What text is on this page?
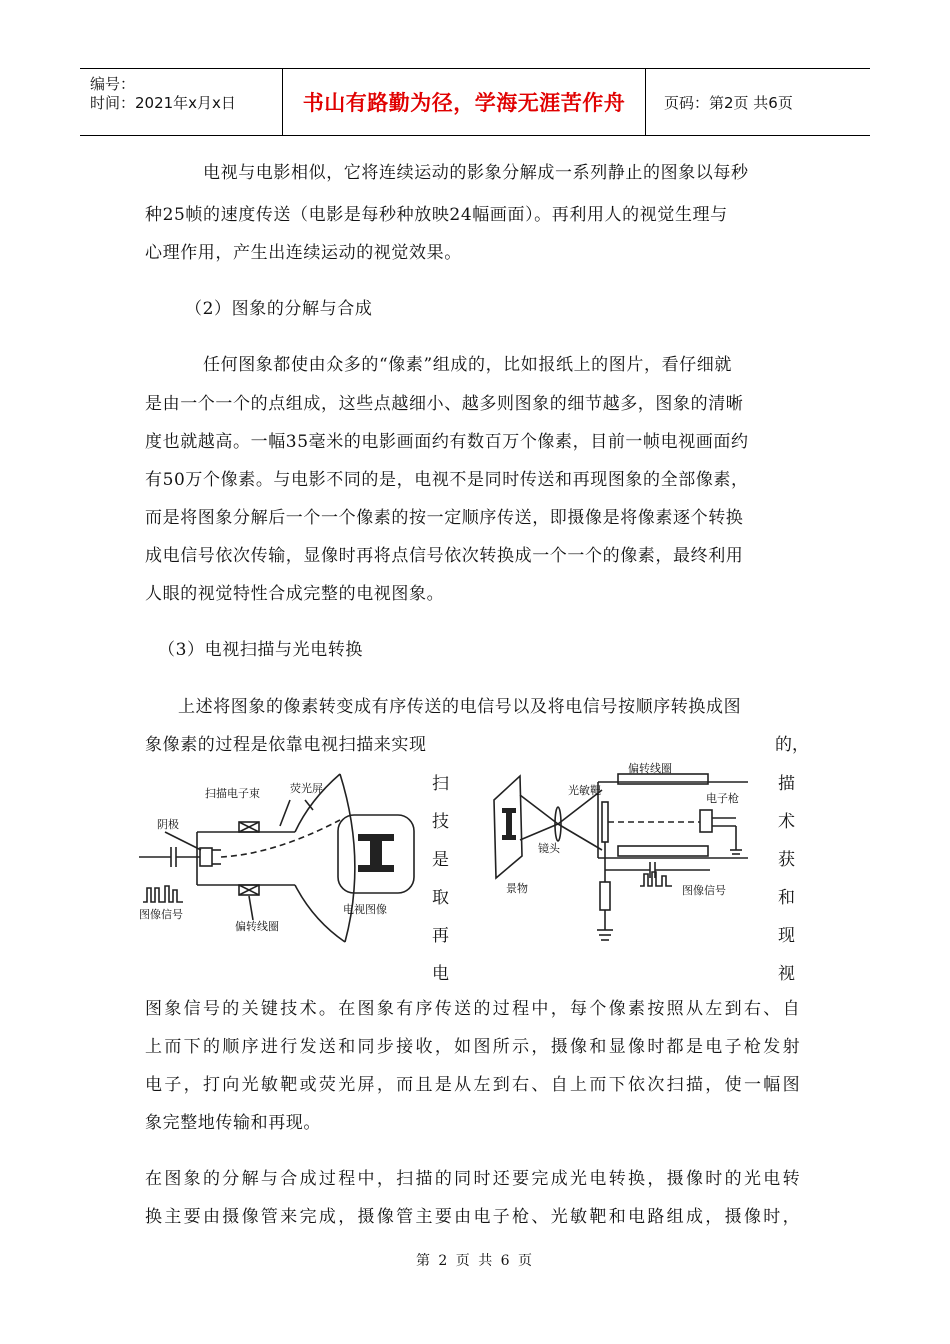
编号：
时间：2021年x月x日	书山有路勤为径，学海无涯苦作舟	页码：第2页 共6页
电视与电影相似，它将连续运动的影象分解成一系列静止的图象以每秒
种25帧的速度传送（电影是每秒种放映24幅画面）。再利用人的视觉生理与
心理作用，产生出连续运动的视觉效果。
（2）图象的分解与合成
任何图象都使由众多的“像素”组成的，比如报纸上的图片，看仔细就
是由一个一个的点组成，这些点越细小、越多则图象的细节越多，图象的清晰
度也就越高。一幅35毫米的电影画面约有数百万个像素，目前一帧电视画面约
有50万个像素。与电影不同的是，电视不是同时传送和再现图象的全部像素，
而是将图象分解后一个一个像素的按一定顺序传送，即摄像是将像素逐个转换
成电信号依次传输，显像时再将点信号依次转换成一个一个的像素，最终利用
人眼的视觉特性合成完整的电视图象。
（3）电视扫描与光电转换
上述将图象的像素转变成有序传送的电信号以及将电信号按顺序转换成图
象像素的过程是依靠电视扫描来实现	的，
扫
技
是
取
再
电
描
术
获
和
现
视
扫描电子束	荧光屏
阴极
图像信号
偏转线圈
电视图像
光敏靶
偏转线圈
电子枪
景物
镜头
图像信号
图象信号的关键技术。在图象有序传送的过程中，每个像素按照从左到右、自
上而下的顺序进行发送和同步接收，如图所示，摄像和显像时都是电子枪发射
电子，打向光敏靶或荧光屏，而且是从左到右、自上而下依次扫描，使一幅图
象完整地传输和再现。
在图象的分解与合成过程中，扫描的同时还要完成光电转换，摄像时的光电转
换主要由摄像管来完成，摄像管主要由电子枪、光敏靶和电路组成，摄像时，
第 2 页 共 6 页
